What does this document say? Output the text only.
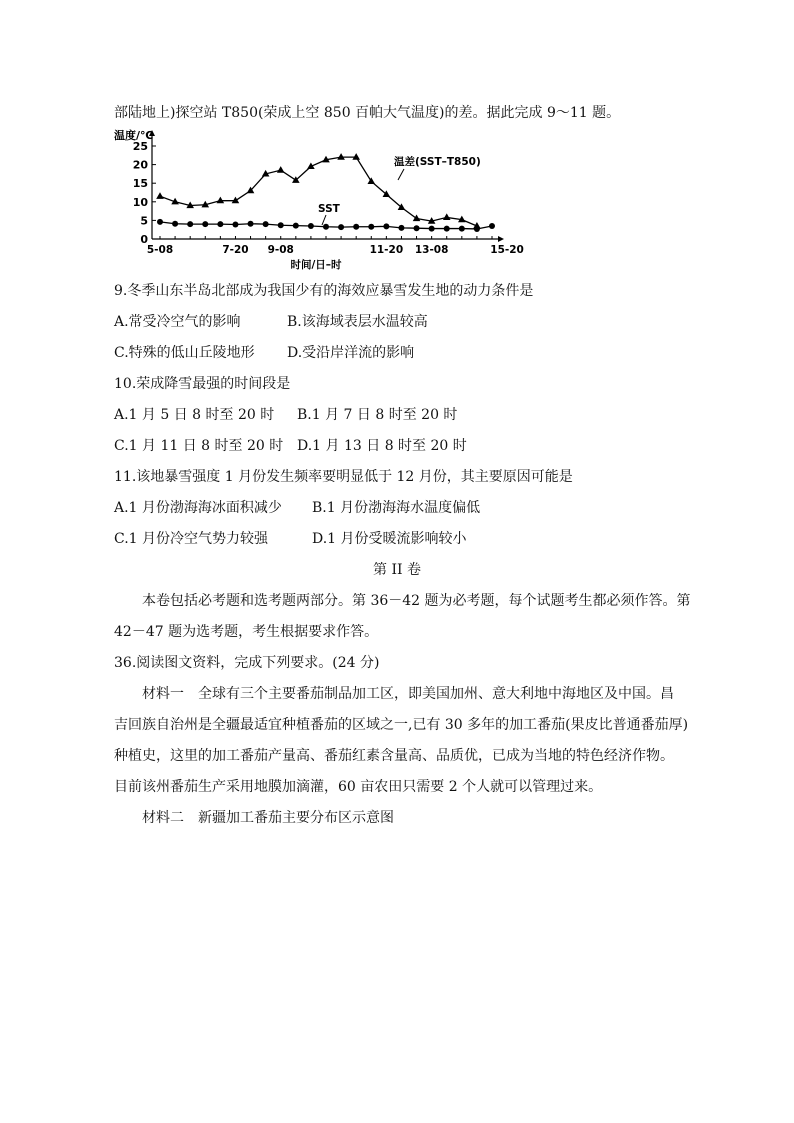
部陆地上)探空站 T850(荣成上空 850 百帕大气温度)的差。据此完成 9～11 题。
温度/℃
0
5
10
15
20
25
5-08	7-20 9-08	11-20 13-08	15-20
时间/日–时
温差(SST–T850)
SST
9.冬季山东半岛北部成为我国少有的海效应暴雪发生地的动力条件是
A.常受冷空气的影响	B.该海域表层水温较高
C.特殊的低山丘陵地形 D.受沿岸洋流的影响
10.荣成降雪最强的时间段是
A.1 月 5 日 8 时至 20 时 B.1 月 7 日 8 时至 20 时
C.1 月 11 日 8 时至 20 时 D.1 月 13 日 8 时至 20 时
11.该地暴雪强度 1 月份发生频率要明显低于 12 月份，其主要原因可能是
A.1 月份渤海海冰面积减少 B.1 月份渤海海水温度偏低
C.1 月份冷空气势力较强	D.1 月份受暖流影响较小
第 II 卷
本卷包括必考题和选考题两部分。第 36－42 题为必考题，每个试题考生都必须作答。第
42－47 题为选考题，考生根据要求作答。
36.阅读图文资料，完成下列要求。(24 分)
材料一　全球有三个主要番茄制品加工区，即美国加州、意大利地中海地区及中国。昌
吉回族自治州是全疆最适宜种植番茄的区域之一,已有 30 多年的加工番茄(果皮比普通番茄厚)
种植史，这里的加工番茄产量高、番茄红素含量高、品质优，已成为当地的特色经济作物。
目前该州番茄生产采用地膜加滴灌，60 亩农田只需要 2 个人就可以管理过来。
材料二　新疆加工番茄主要分布区示意图
